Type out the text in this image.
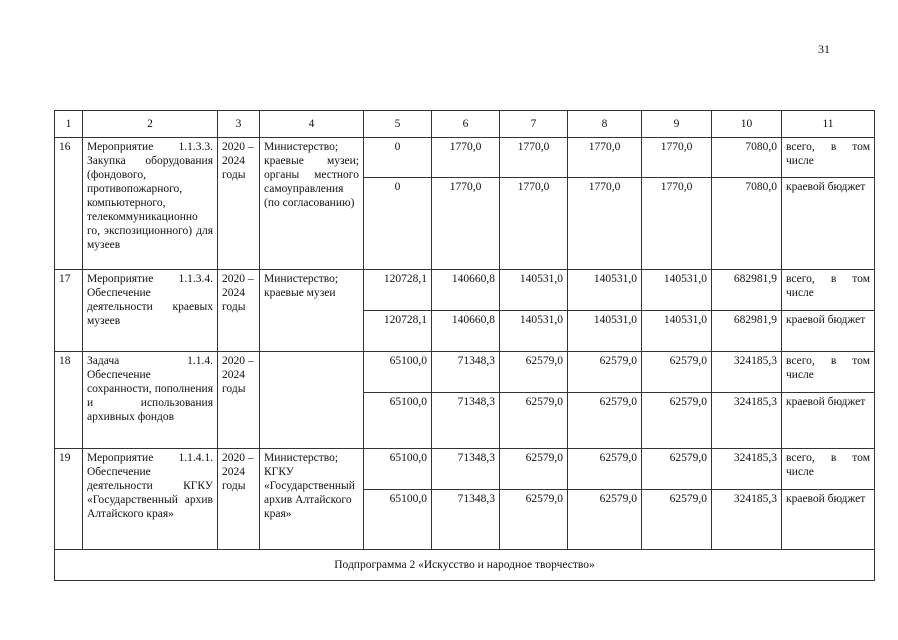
31
1	2	3	4	5	6	7	8	9	10	11
16	Мероприятие 1.1.3.3. Закупка оборудования (фондового, противопожарного, компьютерного, телекоммуникационно го, экспозиционного) для музеев	2020 – 2024 годы	Министерство; краевые музеи; органы местного самоуправления (по согласованию)	0	1770,0	1770,0	1770,0	1770,0	7080,0	всего, в том числе
				0	1770,0	1770,0	1770,0	1770,0	7080,0	краевой бюджет
17	Мероприятие 1.1.3.4. Обеспечение деятельности краевых музеев	2020 – 2024 годы	Министерство; краевые музеи	120728,1	140660,8	140531,0	140531,0	140531,0	682981,9	всего, в том числе
				120728,1	140660,8	140531,0	140531,0	140531,0	682981,9	краевой бюджет
18	Задача 1.1.4. Обеспечение сохранности, пополнения и использования архивных фондов	2020 – 2024 годы		65100,0	71348,3	62579,0	62579,0	62579,0	324185,3	всего, в том числе
				65100,0	71348,3	62579,0	62579,0	62579,0	324185,3	краевой бюджет
19	Мероприятие 1.1.4.1. Обеспечение деятельности КГКУ «Государственный архив Алтайского края»	2020 – 2024 годы	Министерство; КГКУ «Государственный архив Алтайского края»	65100,0	71348,3	62579,0	62579,0	62579,0	324185,3	всего, в том числе
				65100,0	71348,3	62579,0	62579,0	62579,0	324185,3	краевой бюджет
Подпрограмма 2 «Искусство и народное творчество»										
